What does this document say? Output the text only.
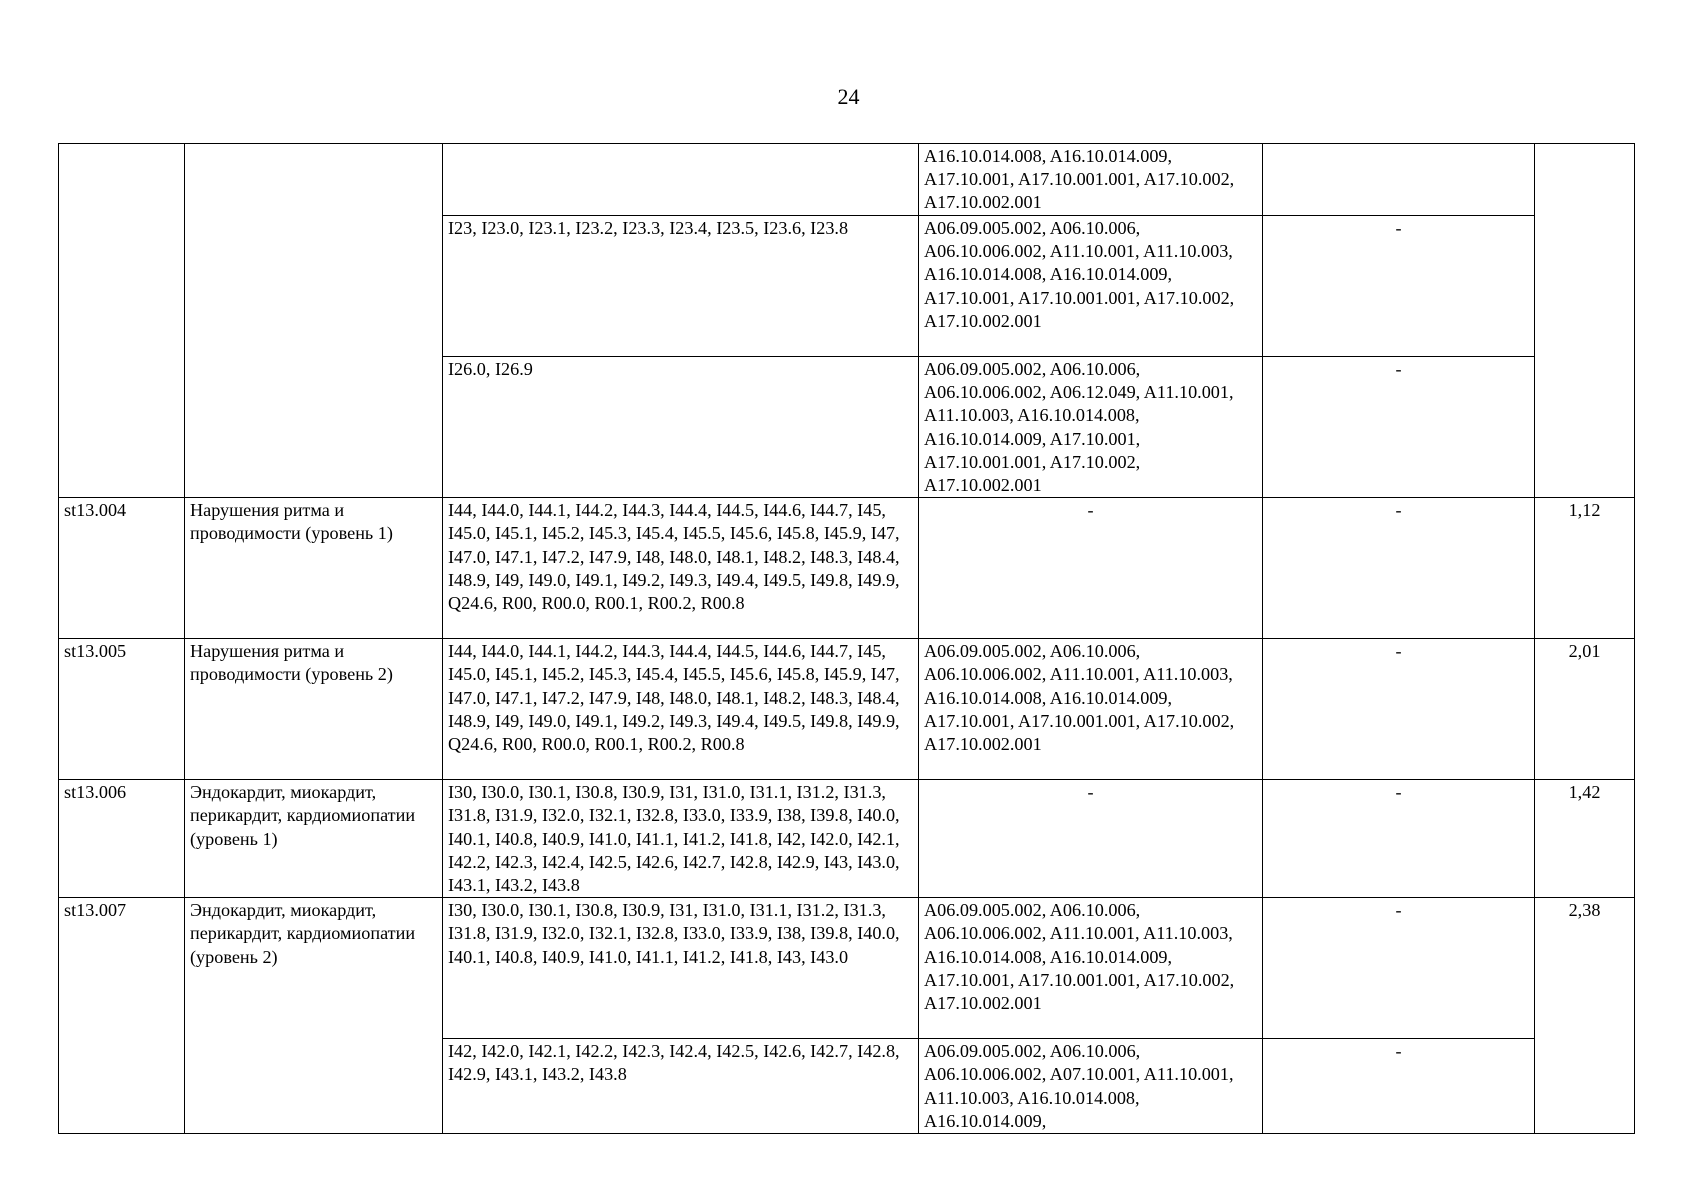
24
			A16.10.014.008, A16.10.014.009, A17.10.001, A17.10.001.001, A17.10.002, A17.10.002.001		
		I23, I23.0, I23.1, I23.2, I23.3, I23.4, I23.5, I23.6, I23.8	A06.09.005.002, A06.10.006, A06.10.006.002, A11.10.001, A11.10.003, A16.10.014.008, A16.10.014.009, A17.10.001, A17.10.001.001, A17.10.002, A17.10.002.001	-	
		I26.0, I26.9	A06.09.005.002, A06.10.006, A06.10.006.002, A06.12.049, A11.10.001, A11.10.003, A16.10.014.008, A16.10.014.009, A17.10.001, A17.10.001.001, A17.10.002, A17.10.002.001	-	
st13.004	Нарушения ритма и проводимости (уровень 1)	I44, I44.0, I44.1, I44.2, I44.3, I44.4, I44.5, I44.6, I44.7, I45, I45.0, I45.1, I45.2, I45.3, I45.4, I45.5, I45.6, I45.8, I45.9, I47, I47.0, I47.1, I47.2, I47.9, I48, I48.0, I48.1, I48.2, I48.3, I48.4, I48.9, I49, I49.0, I49.1, I49.2, I49.3, I49.4, I49.5, I49.8, I49.9, Q24.6, R00, R00.0, R00.1, R00.2, R00.8	-	-	1,12
st13.005	Нарушения ритма и проводимости (уровень 2)	I44, I44.0, I44.1, I44.2, I44.3, I44.4, I44.5, I44.6, I44.7, I45, I45.0, I45.1, I45.2, I45.3, I45.4, I45.5, I45.6, I45.8, I45.9, I47, I47.0, I47.1, I47.2, I47.9, I48, I48.0, I48.1, I48.2, I48.3, I48.4, I48.9, I49, I49.0, I49.1, I49.2, I49.3, I49.4, I49.5, I49.8, I49.9, Q24.6, R00, R00.0, R00.1, R00.2, R00.8	A06.09.005.002, A06.10.006, A06.10.006.002, A11.10.001, A11.10.003, A16.10.014.008, A16.10.014.009, A17.10.001, A17.10.001.001, A17.10.002, A17.10.002.001	-	2,01
st13.006	Эндокардит, миокардит, перикардит, кардиомиопатии (уровень 1)	I30, I30.0, I30.1, I30.8, I30.9, I31, I31.0, I31.1, I31.2, I31.3, I31.8, I31.9, I32.0, I32.1, I32.8, I33.0, I33.9, I38, I39.8, I40.0, I40.1, I40.8, I40.9, I41.0, I41.1, I41.2, I41.8, I42, I42.0, I42.1, I42.2, I42.3, I42.4, I42.5, I42.6, I42.7, I42.8, I42.9, I43, I43.0, I43.1, I43.2, I43.8	-	-	1,42
st13.007	Эндокардит, миокардит, перикардит, кардиомиопатии (уровень 2)	I30, I30.0, I30.1, I30.8, I30.9, I31, I31.0, I31.1, I31.2, I31.3, I31.8, I31.9, I32.0, I32.1, I32.8, I33.0, I33.9, I38, I39.8, I40.0, I40.1, I40.8, I40.9, I41.0, I41.1, I41.2, I41.8, I43, I43.0	A06.09.005.002, A06.10.006, A06.10.006.002, A11.10.001, A11.10.003, A16.10.014.008, A16.10.014.009, A17.10.001, A17.10.001.001, A17.10.002, A17.10.002.001	-	2,38
		I42, I42.0, I42.1, I42.2, I42.3, I42.4, I42.5, I42.6, I42.7, I42.8, I42.9, I43.1, I43.2, I43.8	A06.09.005.002, A06.10.006, A06.10.006.002, A07.10.001, A11.10.001, A11.10.003, A16.10.014.008, A16.10.014.009,	-	
